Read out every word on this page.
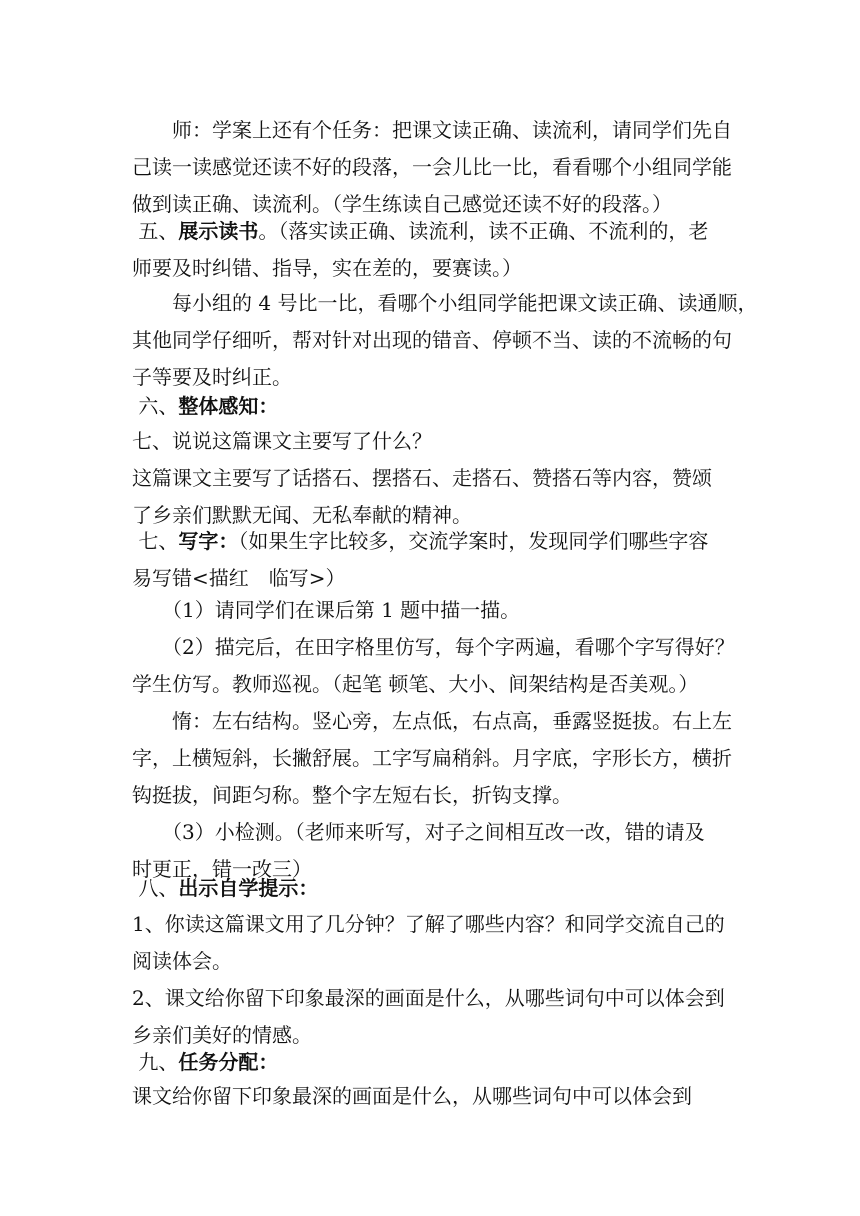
　　师：学案上还有个任务：把课文读正确、读流利，请同学们先自
己读一读感觉还读不好的段落，一会儿比一比，看看哪个小组同学能
做到读正确、读流利。（学生练读自己感觉还读不好的段落。）
五、展示读书。（落实读正确、读流利，读不正确、不流利的，老
师要及时纠错、指导，实在差的，要赛读。）
　　每小组的 4 号比一比，看哪个小组同学能把课文读正确、读通顺，
其他同学仔细听，帮对针对出现的错音、停顿不当、读的不流畅的句
子等要及时纠正。
六、整体感知：
七、说说这篇课文主要写了什么？
这篇课文主要写了话搭石、摆搭石、走搭石、赞搭石等内容，赞颂
了乡亲们默默无闻、无私奉献的精神。
七、写字：（如果生字比较多，交流学案时，发现同学们哪些字容
易写错<描红　临写>）
　　（1）请同学们在课后第 1 题中描一描。
　　（2）描完后，在田字格里仿写，每个字两遍，看哪个字写得好？
学生仿写。教师巡视。（起笔 顿笔、大小、间架结构是否美观。）
　　惰：左右结构。竖心旁，左点低，右点高，垂露竖挺拔。右上左
字，上横短斜，长撇舒展。工字写扁稍斜。月字底，字形长方，横折
钩挺拔，间距匀称。整个字左短右长，折钩支撑。
　　（3）小检测。（老师来听写，对子之间相互改一改，错的请及
时更正，错一改三）
八、出示自学提示：
1、你读这篇课文用了几分钟？了解了哪些内容？和同学交流自己的
阅读体会。
2、课文给你留下印象最深的画面是什么，从哪些词句中可以体会到
乡亲们美好的情感。
九、任务分配：
课文给你留下印象最深的画面是什么，从哪些词句中可以体会到
